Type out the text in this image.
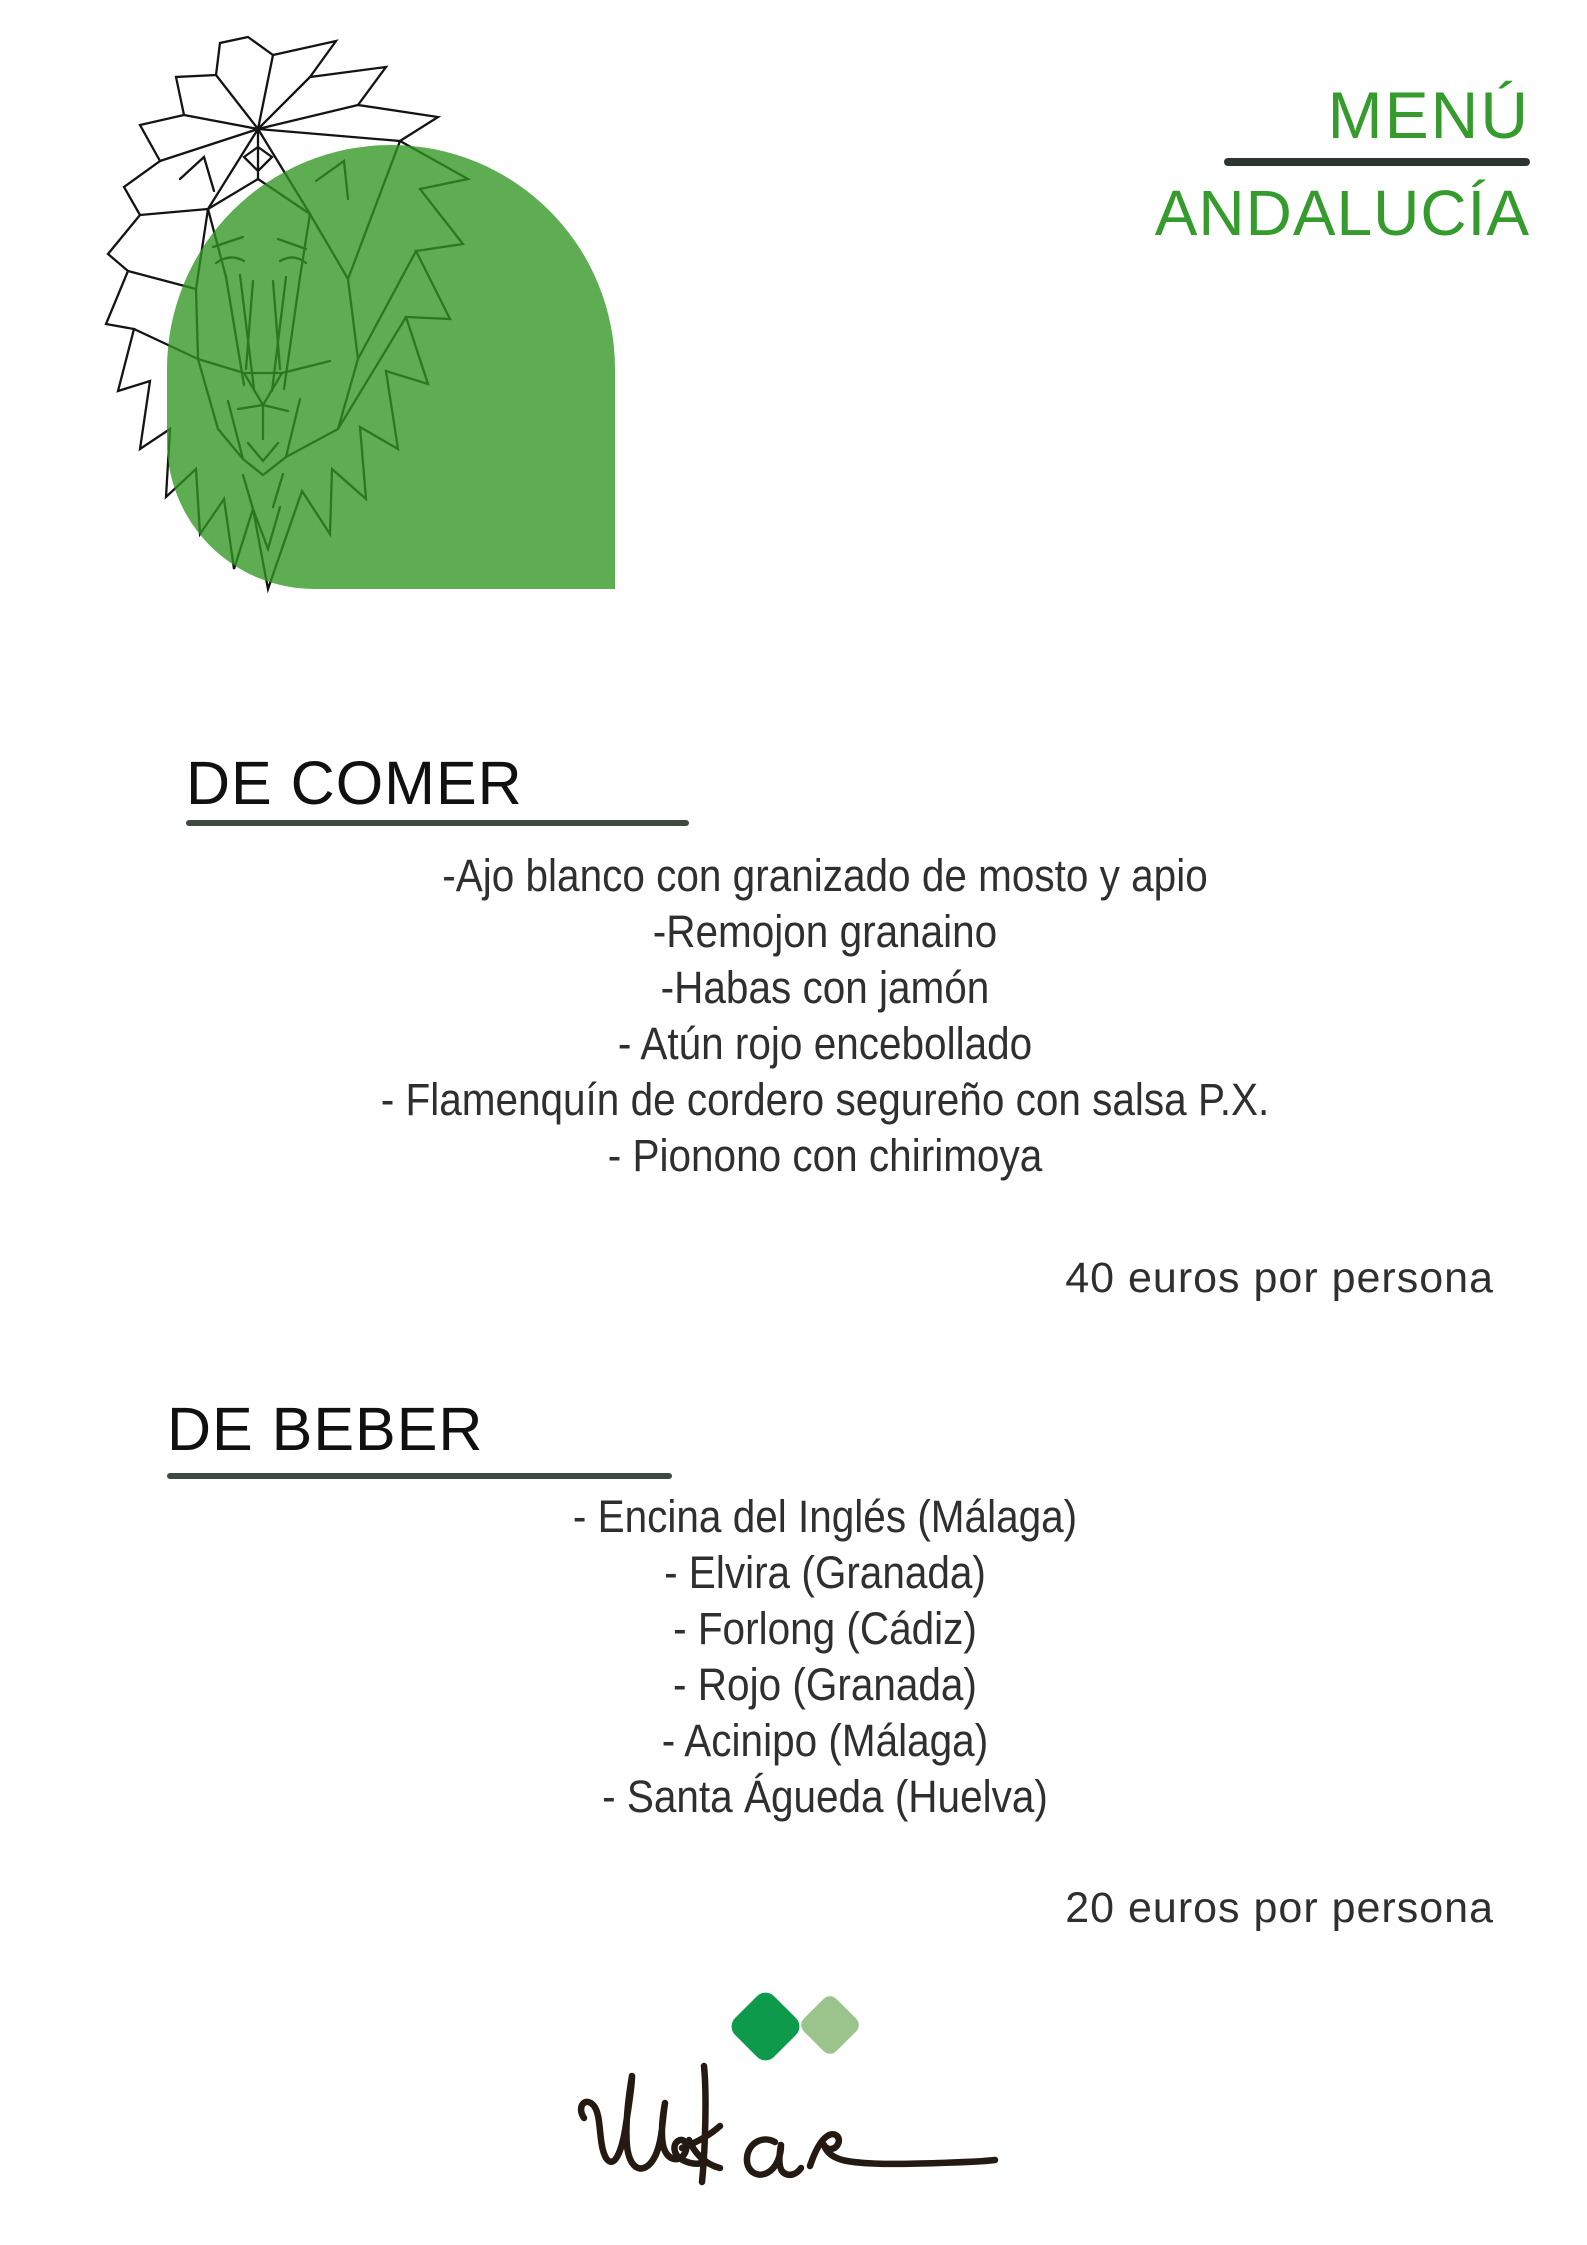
MENÚ
ANDALUCÍA
DE COMER
-Ajo blanco con granizado de mosto y apio
-Remojon granaino
-Habas con jamón
- Atún rojo encebollado
- Flamenquín de cordero segureño con salsa P.X.
- Pionono con chirimoya
40 euros por persona
DE BEBER
- Encina del Inglés (Málaga)
- Elvira (Granada)
- Forlong (Cádiz)
- Rojo (Granada)
- Acinipo (Málaga)
- Santa Águeda (Huelva)
20 euros por persona
